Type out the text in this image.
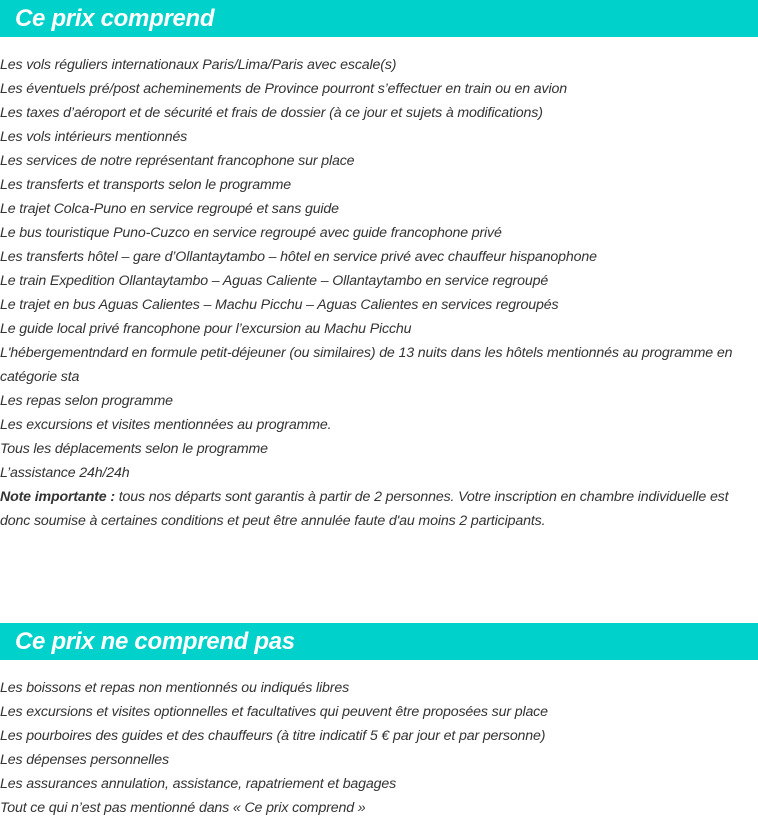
Ce prix comprend
Les vols réguliers internationaux Paris/Lima/Paris avec escale(s)
Les éventuels pré/post acheminements de Province pourront s’effectuer en train ou en avion
Les taxes d’aéroport et de sécurité et frais de dossier (à ce jour et sujets à modifications)
Les vols intérieurs mentionnés
Les services de notre représentant francophone sur place
Les transferts et transports selon le programme
Le trajet Colca-Puno en service regroupé et sans guide
Le bus touristique Puno-Cuzco en service regroupé avec guide francophone privé
Les transferts hôtel – gare d’Ollantaytambo – hôtel en service privé avec chauffeur hispanophone
Le train Expedition Ollantaytambo – Aguas Caliente – Ollantaytambo en service regroupé
Le trajet en bus Aguas Calientes – Machu Picchu – Aguas Calientes en services regroupés
Le guide local privé francophone pour l’excursion au Machu Picchu
L'hébergementndard en formule petit-déjeuner (ou similaires) de 13 nuits dans les hôtels mentionnés au programme en catégorie sta
Les repas selon programme
Les excursions et visites mentionnées au programme.
Tous les déplacements selon le programme
L’assistance 24h/24h
Note importante : tous nos départs sont garantis à partir de 2 personnes. Votre inscription en chambre individuelle est donc soumise à certaines conditions et peut être annulée faute d'au moins 2 participants.
Ce prix ne comprend pas
Les boissons et repas non mentionnés ou indiqués libres
Les excursions et visites optionnelles et facultatives qui peuvent être proposées sur place
Les pourboires des guides et des chauffeurs (à titre indicatif 5 € par jour et par personne)
Les dépenses personnelles
Les assurances annulation, assistance, rapatriement et bagages
Tout ce qui n’est pas mentionné dans « Ce prix comprend »
